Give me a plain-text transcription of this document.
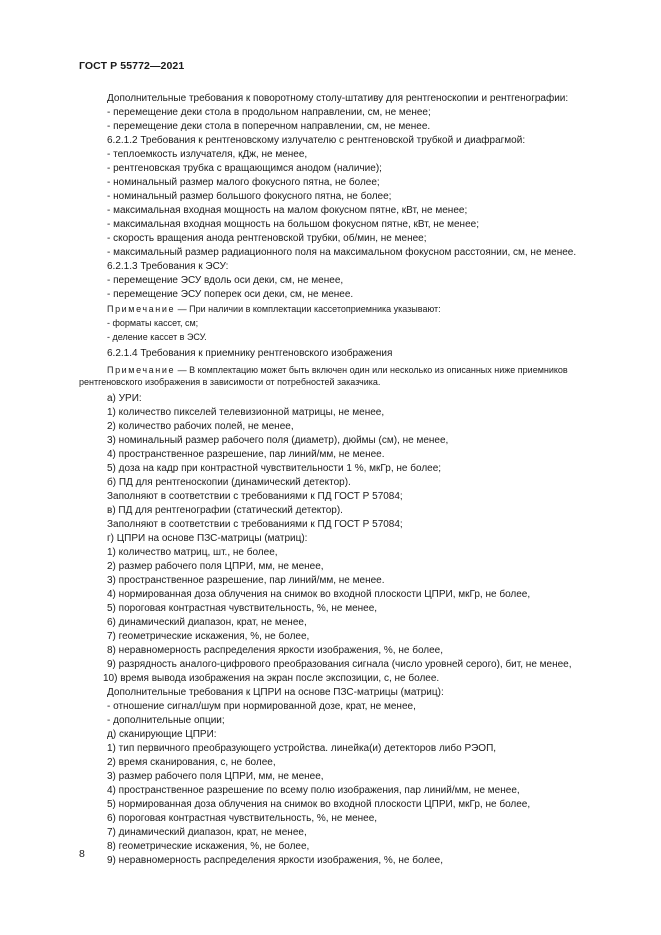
ГОСТ Р 55772—2021
Дополнительные требования к поворотному столу-штативу для рентгеноскопии и рентгенографии:
- перемещение деки стола в продольном направлении, см, не менее;
- перемещение деки стола в поперечном направлении, см, не менее.
6.2.1.2 Требования к рентгеновскому излучателю с рентгеновской трубкой и диафрагмой:
- теплоемкость излучателя, кДж, не менее,
- рентгеновская трубка с вращающимся анодом (наличие);
- номинальный размер малого фокусного пятна, не более;
- номинальный размер большого фокусного пятна, не более;
- максимальная входная мощность на малом фокусном пятне, кВт, не менее;
- максимальная входная мощность на большом фокусном пятне, кВт, не менее;
- скорость вращения анода рентгеновской трубки, об/мин, не менее;
- максимальный размер радиационного поля на максимальном фокусном расстоянии, см, не менее.
6.2.1.3 Требования к ЭСУ:
- перемещение ЭСУ вдоль оси деки, см, не менее,
- перемещение ЭСУ поперек оси деки, см, не менее.
Примечание — При наличии в комплектации кассетоприемника указывают:
- форматы кассет, см;
- деление кассет в ЭСУ.
6.2.1.4 Требования к приемнику рентгеновского изображения
Примечание — В комплектацию может быть включен один или несколько из описанных ниже приемников
рентгеновского изображения в зависимости от потребностей заказчика.
а) УРИ:
1) количество пикселей телевизионной матрицы, не менее,
2) количество рабочих полей, не менее,
3) номинальный размер рабочего поля (диаметр), дюймы (см), не менее,
4) пространственное разрешение, пар линий/мм, не менее.
5) доза на кадр при контрастной чувствительности 1 %, мкГр, не более;
б) ПД для рентгеноскопии (динамический детектор).
Заполняют в соответствии с требованиями к ПД ГОСТ Р 57084;
в) ПД для рентгенографии (статический детектор).
Заполняют в соответствии с требованиями к ПД ГОСТ Р 57084;
г) ЦПРИ на основе ПЗС-матрицы (матриц):
1) количество матриц, шт., не более,
2) размер рабочего поля ЦПРИ, мм, не менее,
3) пространственное разрешение, пар линий/мм, не менее.
4) нормированная доза облучения на снимок во входной плоскости ЦПРИ, мкГр, не более,
5) пороговая контрастная чувствительность, %, не менее,
6) динамический диапазон, крат, не менее,
7) геометрические искажения, %, не более,
8) неравномерность распределения яркости изображения, %, не более,
9) разрядность аналого-цифрового преобразования сигнала (число уровней серого), бит, не менее,
10) время вывода изображения на экран после экспозиции, с, не более.
Дополнительные требования к ЦПРИ на основе ПЗС-матрицы (матриц):
- отношение сигнал/шум при нормированной дозе, крат, не менее,
- дополнительные опции;
д) сканирующие ЦПРИ:
1) тип первичного преобразующего устройства. линейка(и) детекторов либо РЭОП,
2) время сканирования, с, не более,
3) размер рабочего поля ЦПРИ, мм, не менее,
4) пространственное разрешение по всему полю изображения, пар линий/мм, не менее,
5) нормированная доза облучения на снимок во входной плоскости ЦПРИ, мкГр, не более,
6) пороговая контрастная чувствительность, %, не менее,
7) динамический диапазон, крат, не менее,
8) геометрические искажения, %, не более,
9) неравномерность распределения яркости изображения, %, не более,
8
